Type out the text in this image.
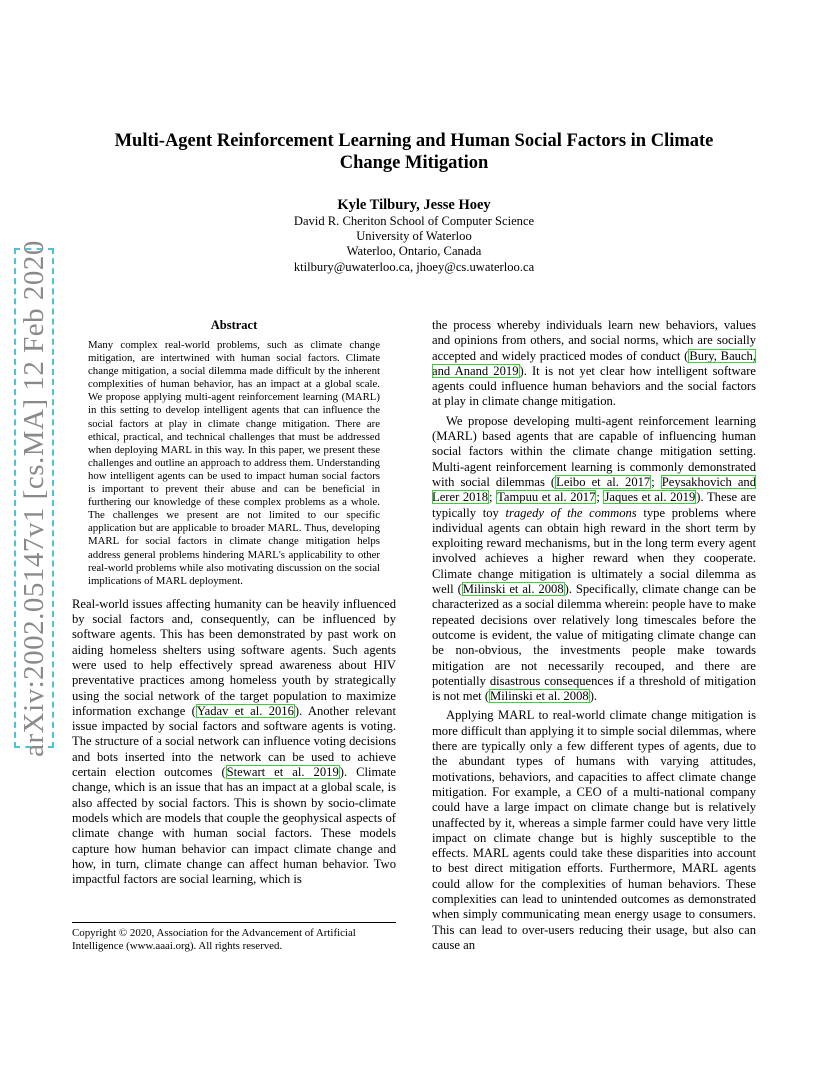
arXiv:2002.05147v1 [cs.MA] 12 Feb 2020
Multi-Agent Reinforcement Learning and Human Social Factors in Climate Change Mitigation
Kyle Tilbury, Jesse Hoey
David R. Cheriton School of Computer Science
University of Waterloo
Waterloo, Ontario, Canada
ktilbury@uwaterloo.ca, jhoey@cs.uwaterloo.ca
Abstract

Many complex real-world problems, such as climate change mitigation, are intertwined with human social factors. Climate change mitigation, a social dilemma made difficult by the inherent complexities of human behavior, has an impact at a global scale. We propose applying multi-agent reinforcement learning (MARL) in this setting to develop intelligent agents that can influence the social factors at play in climate change mitigation. There are ethical, practical, and technical challenges that must be addressed when deploying MARL in this way. In this paper, we present these challenges and outline an approach to address them. Understanding how intelligent agents can be used to impact human social factors is important to prevent their abuse and can be beneficial in furthering our knowledge of these complex problems as a whole. The challenges we present are not limited to our specific application but are applicable to broader MARL. Thus, developing MARL for social factors in climate change mitigation helps address general problems hindering MARL's applicability to other real-world problems while also motivating discussion on the social implications of MARL deployment.

Real-world issues affecting humanity can be heavily influenced by social factors and, consequently, can be influenced by software agents. This has been demonstrated by past work on aiding homeless shelters using software agents. Such agents were used to help effectively spread awareness about HIV preventative practices among homeless youth by strategically using the social network of the target population to maximize information exchange (Yadav et al. 2016). Another relevant issue impacted by social factors and software agents is voting. The structure of a social network can influence voting decisions and bots inserted into the network can be used to achieve certain election outcomes (Stewart et al. 2019). Climate change, which is an issue that has an impact at a global scale, is also affected by social factors. This is shown by socio-climate models which are models that couple the geophysical aspects of climate change with human social factors. These models capture how human behavior can impact climate change and how, in turn, climate change can affect human behavior. Two impactful factors are social learning, which is

Copyright © 2020, Association for the Advancement of Artificial Intelligence (www.aaai.org). All rights reserved.

the process whereby individuals learn new behaviors, values and opinions from others, and social norms, which are socially accepted and widely practiced modes of conduct (Bury, Bauch, and Anand 2019). It is not yet clear how intelligent software agents could influence human behaviors and the social factors at play in climate change mitigation.

We propose developing multi-agent reinforcement learning (MARL) based agents that are capable of influencing human social factors within the climate change mitigation setting. Multi-agent reinforcement learning is commonly demonstrated with social dilemmas (Leibo et al. 2017; Peysakhovich and Lerer 2018; Tampuu et al. 2017; Jaques et al. 2019). These are typically toy tragedy of the commons type problems where individual agents can obtain high reward in the short term by exploiting reward mechanisms, but in the long term every agent involved achieves a higher reward when they cooperate. Climate change mitigation is ultimately a social dilemma as well (Milinski et al. 2008). Specifically, climate change can be characterized as a social dilemma wherein: people have to make repeated decisions over relatively long timescales before the outcome is evident, the value of mitigating climate change can be non-obvious, the investments people make towards mitigation are not necessarily recouped, and there are potentially disastrous consequences if a threshold of mitigation is not met (Milinski et al. 2008).

Applying MARL to real-world climate change mitigation is more difficult than applying it to simple social dilemmas, where there are typically only a few different types of agents, due to the abundant types of humans with varying attitudes, motivations, behaviors, and capacities to affect climate change mitigation. For example, a CEO of a multi-national company could have a large impact on climate change but is relatively unaffected by it, whereas a simple farmer could have very little impact on climate change but is highly susceptible to the effects. MARL agents could take these disparities into account to best direct mitigation efforts. Furthermore, MARL agents could allow for the complexities of human behaviors. These complexities can lead to unintended outcomes as demonstrated when simply communicating mean energy usage to consumers. This can lead to over-users reducing their usage, but also can cause an
